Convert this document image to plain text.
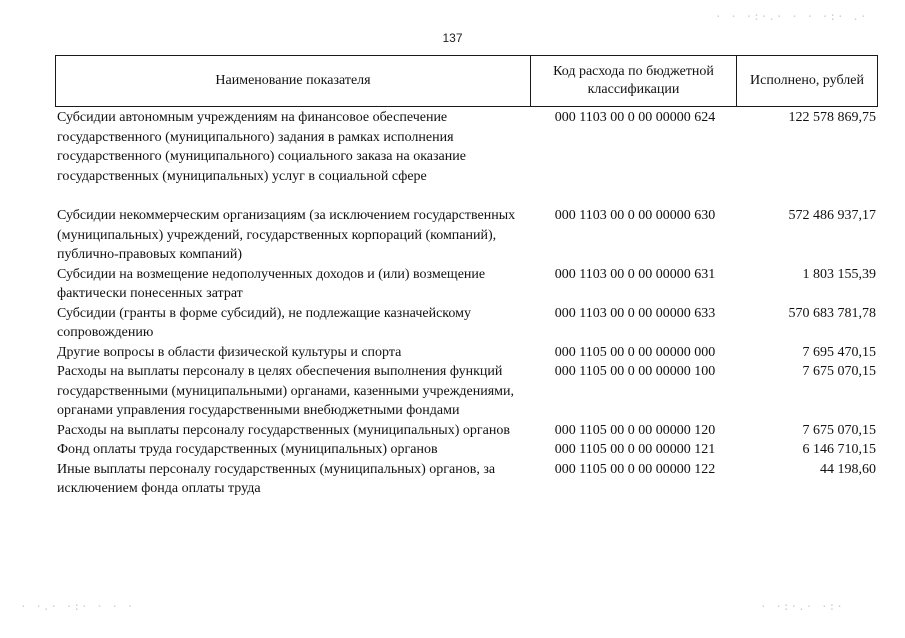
137
Наименование показателя
Код расхода по бюджетной классификации
Исполнено, рублей
Субсидии автономным учреждениям на финансовое обеспечение государственного (муниципального) задания в рамках исполнения государственного (муниципального) социального заказа на оказание государственных (муниципальных) услуг в социальной сфере
000 1103 00 0 00 00000 624	122 578 869,75
Субсидии некоммерческим организациям (за исключением государственных (муниципальных) учреждений, государственных корпораций (компаний), публично-правовых компаний)
000 1103 00 0 00 00000 630	572 486 937,17
Субсидии на возмещение недополученных доходов и (или) возмещение фактически понесенных затрат
000 1103 00 0 00 00000 631	1 803 155,39
Субсидии (гранты в форме субсидий), не подлежащие казначейскому сопровождению
000 1103 00 0 00 00000 633	570 683 781,78
Другие вопросы в области физической культуры и спорта	000 1105 00 0 00 00000 000	7 695 470,15
Расходы на выплаты персоналу в целях обеспечения выполнения функций государственными (муниципальными) органами, казенными учреждениями, органами управления государственными внебюджетными фондами
000 1105 00 0 00 00000 100	7 675 070,15
Расходы на выплаты персоналу государственных (муниципальных) органов	000 1105 00 0 00 00000 120	7 675 070,15
Фонд оплаты труда государственных (муниципальных) органов	000 1105 00 0 00 00000 121	6 146 710,15
Иные выплаты персоналу государственных (муниципальных) органов, за исключением фонда оплаты труда
000 1105 00 0 00 00000 122	44 198,60
· · ·:·.· · · ·:· .·
· ·.· ·:· · · ·	· ·:·.· ·:·
